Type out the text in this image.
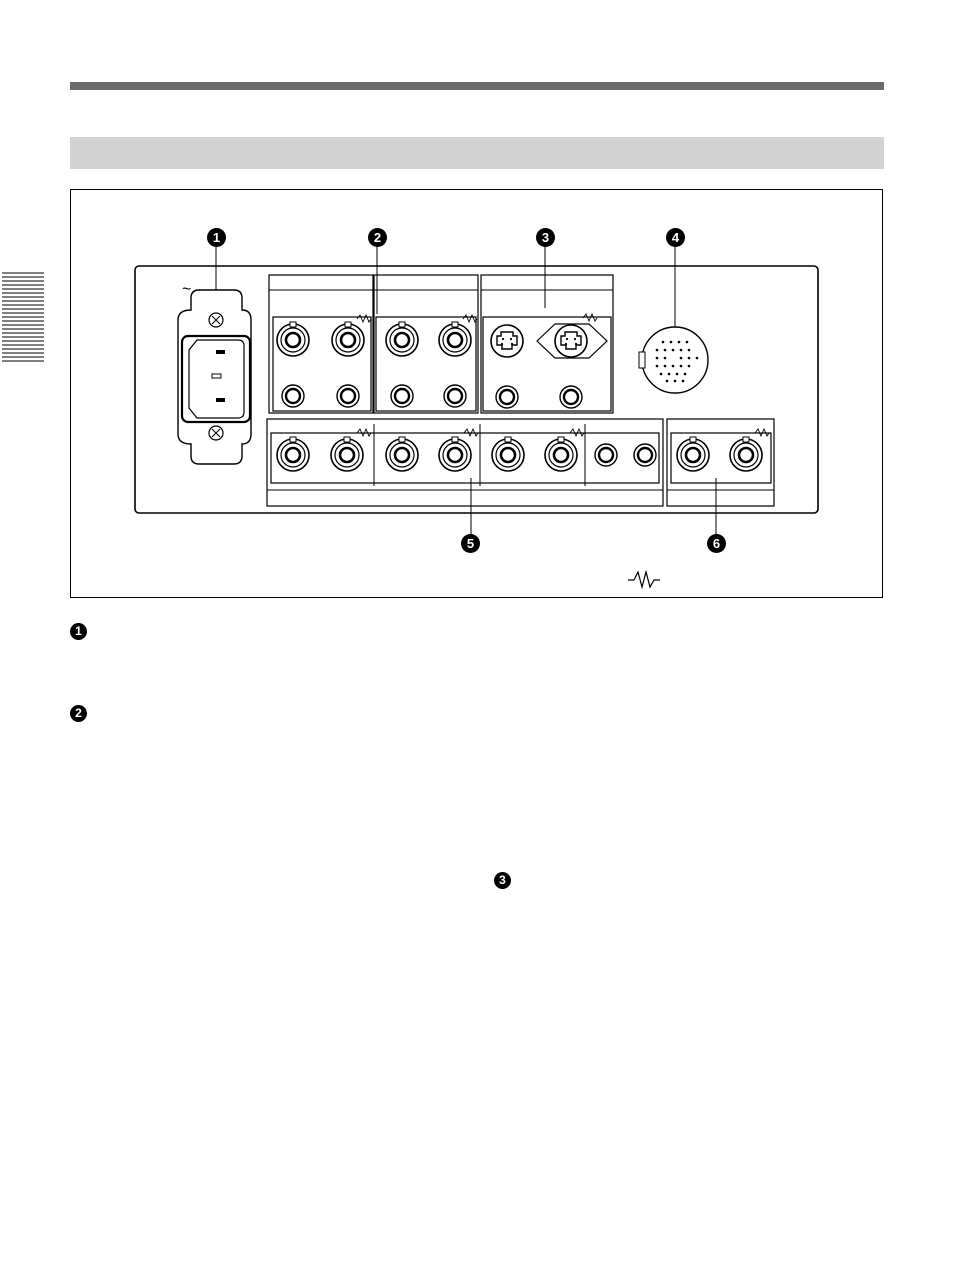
1	2	3	4
5	6
~
1
2
3
